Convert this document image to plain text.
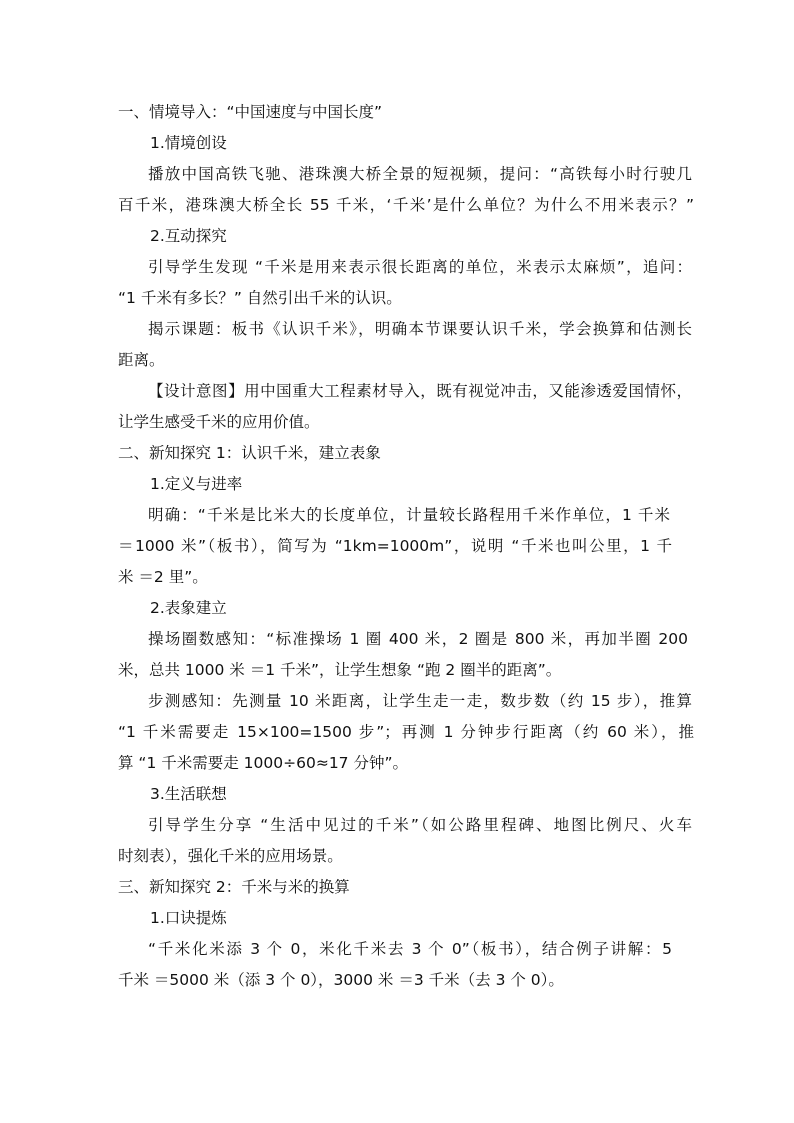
一、情境导入：“中国速度与中国长度”
1.情境创设
播放中国高铁飞驰、港珠澳大桥全景的短视频，提问：“高铁每小时行驶几
百千米，港珠澳大桥全长 55 千米，‘千米’是什么单位？为什么不用米表示？”
2.互动探究
引导学生发现 “千米是用来表示很长距离的单位，米表示太麻烦”，追问：
“1 千米有多长？” 自然引出千米的认识。
揭示课题：板书《认识千米》，明确本节课要认识千米，学会换算和估测长
距离。
【设计意图】用中国重大工程素材导入，既有视觉冲击，又能渗透爱国情怀，
让学生感受千米的应用价值。
二、新知探究 1：认识千米，建立表象
1.定义与进率
明确：“千米是比米大的长度单位，计量较长路程用千米作单位，1 千米
＝1000 米”（板书），简写为 “1km=1000m”，说明 “千米也叫公里，1 千
米 ＝2 里”。
2.表象建立
操场圈数感知：“标准操场 1 圈 400 米，2 圈是 800 米，再加半圈 200
米，总共 1000 米 ＝1 千米”，让学生想象 “跑 2 圈半的距离”。
步测感知：先测量 10 米距离，让学生走一走，数步数（约 15 步），推算
“1 千米需要走 15×100=1500 步”；再测 1 分钟步行距离（约 60 米），推
算 “1 千米需要走 1000÷60≈17 分钟”。
3.生活联想
引导学生分享 “生活中见过的千米”（如公路里程碑、地图比例尺、火车
时刻表），强化千米的应用场景。
三、新知探究 2：千米与米的换算
1.口诀提炼
“千米化米添 3 个 0，米化千米去 3 个 0”（板书），结合例子讲解：5
千米 ＝5000 米（添 3 个 0），3000 米 ＝3 千米（去 3 个 0）。
